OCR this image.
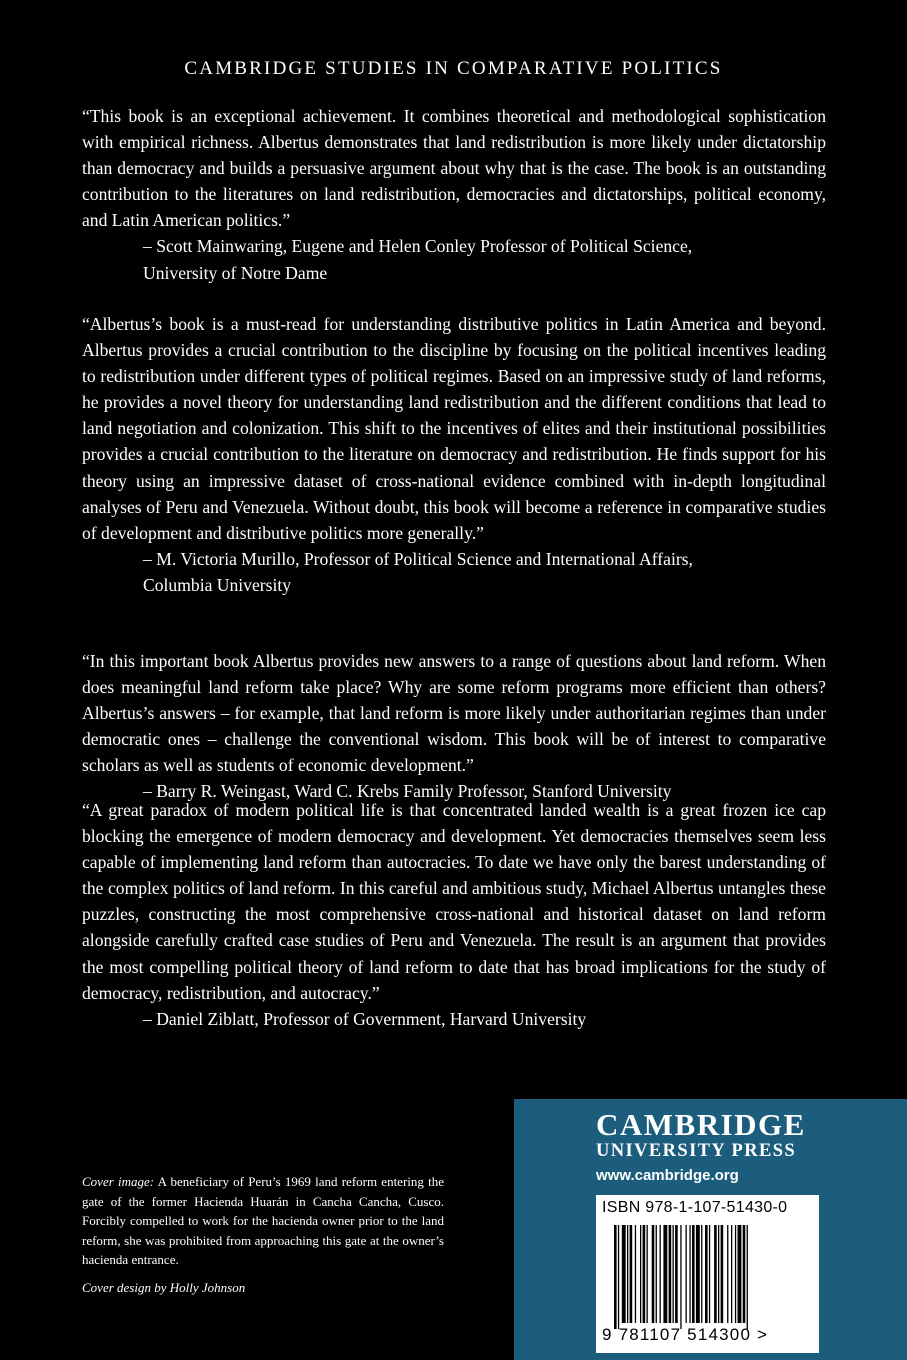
CAMBRIDGE STUDIES IN COMPARATIVE POLITICS

“This book is an exceptional achievement. It combines theoretical and methodological sophistication with empirical richness. Albertus demonstrates that land redistribution is more likely under dictatorship than democracy and builds a persuasive argument about why that is the case. The book is an outstanding contribution to the literatures on land redistribution, democracies and dictatorships, political economy, and Latin American politics.”

– Scott Mainwaring, Eugene and Helen Conley Professor of Political Science,
University of Notre Dame

“Albertus’s book is a must-read for understanding distributive politics in Latin America and beyond. Albertus provides a crucial contribution to the discipline by focusing on the political incentives leading to redistribution under different types of political regimes. Based on an impressive study of land reforms, he provides a novel theory for understanding land redistribution and the different conditions that lead to land negotiation and colonization. This shift to the incentives of elites and their institutional possibilities provides a crucial contribution to the literature on democracy and redistribution. He finds support for his theory using an impressive dataset of cross-national evidence combined with in-depth longitudinal analyses of Peru and Venezuela. Without doubt, this book will become a reference in comparative studies of development and distributive politics more generally.”

– M. Victoria Murillo, Professor of Political Science and International Affairs,
Columbia University

“In this important book Albertus provides new answers to a range of questions about land reform. When does meaningful land reform take place? Why are some reform programs more efficient than others? Albertus’s answers – for example, that land reform is more likely under authoritarian regimes than under democratic ones – challenge the conventional wisdom. This book will be of interest to comparative scholars as well as students of economic development.”

– Barry R. Weingast, Ward C. Krebs Family Professor, Stanford University

“A great paradox of modern political life is that concentrated landed wealth is a great frozen ice cap blocking the emergence of modern democracy and development. Yet democracies themselves seem less capable of implementing land reform than autocracies. To date we have only the barest understanding of the complex politics of land reform. In this careful and ambitious study, Michael Albertus untangles these puzzles, constructing the most comprehensive cross-national and historical dataset on land reform alongside carefully crafted case studies of Peru and Venezuela. The result is an argument that provides the most compelling political theory of land reform to date that has broad implications for the study of democracy, redistribution, and autocracy.”

– Daniel Ziblatt, Professor of Government, Harvard University
Cover image: A beneficiary of Peru’s 1969 land reform entering the gate of the former Hacienda Huarán in Cancha Cancha, Cusco. Forcibly compelled to work for the hacienda owner prior to the land reform, she was prohibited from approaching this gate at the owner’s hacienda entrance.
Cover design by Holly Johnson
CAMBRIDGE
UNIVERSITY PRESS
www.cambridge.org
ISBN 978-1-107-51430-0
9 781107 514300 >
